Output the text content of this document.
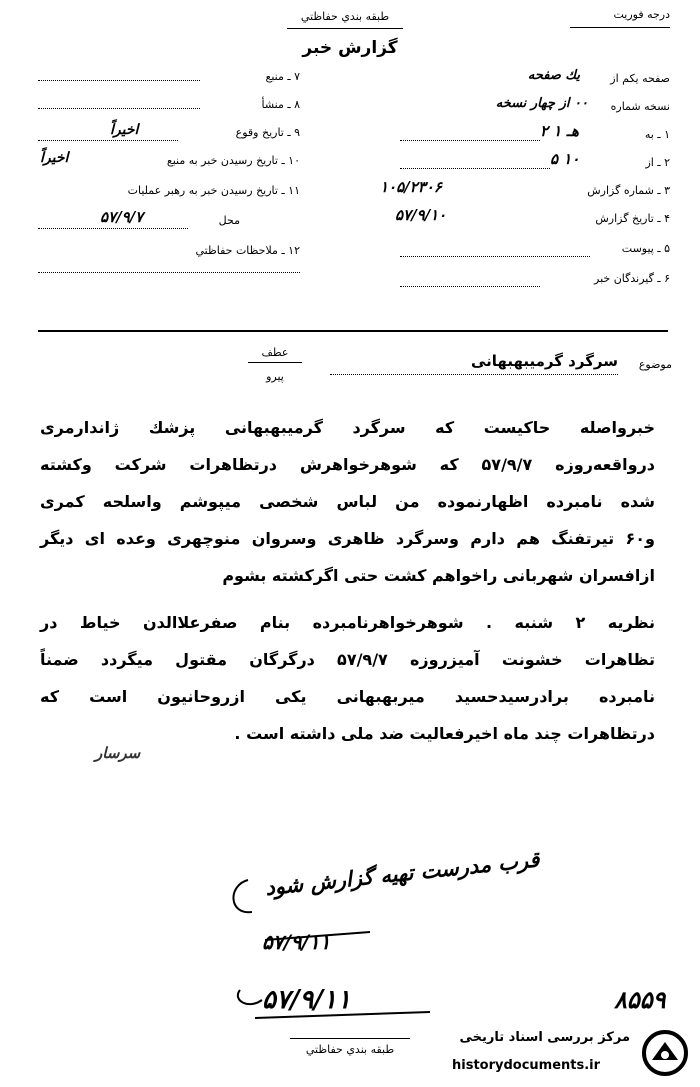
طبقه بندي حفاظتي	درجه فوريت
گزارش خبر
۷ ـ منبع
۸ ـ منشأ
۹ ـ تاريخ وقوع
اخيراً
۱۰ ـ تاريخ رسيدن خبر به منبع
اخيراً
۱۱ ـ تاريخ رسيدن خبر به رهبر عمليات
محل
۵۷/۹/۷
۱۲ ـ ملاحظات حفاظتي
صفحه يكم از
يك صفحه
نسخه شماره
۰۰ از چهار نسخه
۱ ـ به
۲ هـ ۱
۲ ـ از
۵ ۱۰
۳ ـ شماره گزارش
۱۰۵/۲۳۰۶
۴ ـ تاريخ گزارش
۵۷/۹/۱۰
۵ ـ پيوست
۶ ـ گيرندگان خبر
عطف
پيرو
موضوع
سرگرد گرمیبهبهانی
خبرواصله حاکيست که سرگرد گرمیبهبهانی پزشك ژاندارمری
درواقعه‌روزه ۵۷/۹/۷ که شوهرخواهرش درتظاهرات شرکت وكشته
شده نامبرده اظهارنموده من لباس شخصی میپوشم واسلحه كمری
و۶۰ تيرتفنگ هم دارم وسرگرد ظاهری وسروان منوچهری وعده ای دیگر
ازافسران شهربانی راخواهم كشت حتی اگركشته بشوم
نظریه ۲ شنبه . شوهرخواهرنامبرده بنام صفرعلاالدن خياط در
تظاهرات خشونت آميزروزه ۵۷/۹/۷ درگرگان مقتول ميگردد ضمناً
نامبرده برادرسيدحسيد میربهبهانی یکی ازروحانيون است كه
درتظاهرات چند ماه اخيرفعاليت ضد ملی داشته است .
سرسار
قرب مدرست تهيه گزارش شود
۵۷/۹/۱۱
۵۷/۹/۱۱	۸۵۵۹
طبقه بندي حفاظتي
مرکز بررسی اسناد تاریخی
historydocuments.ir
